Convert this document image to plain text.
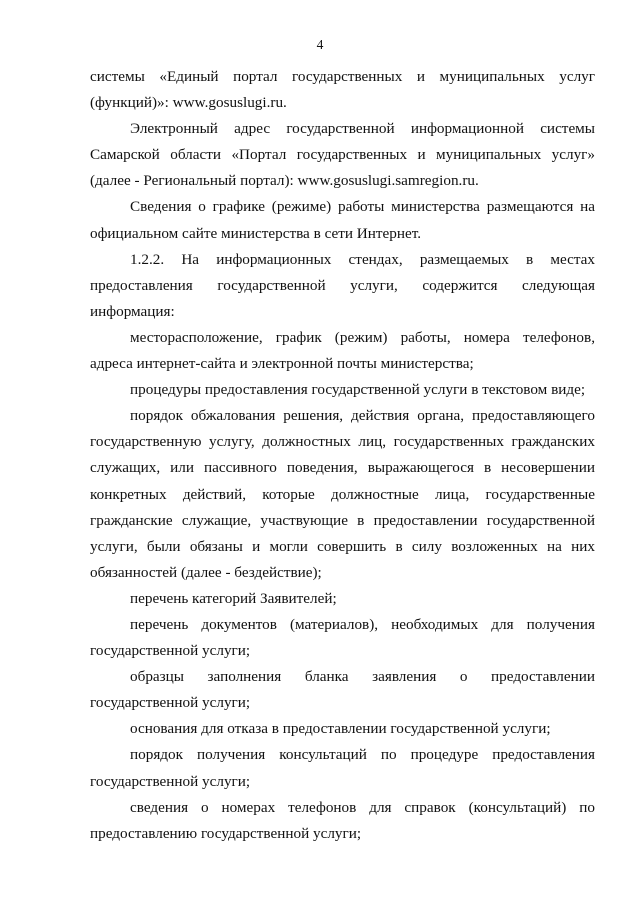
4

системы «Единый портал государственных и муниципальных услуг (функций)»: www.gosuslugi.ru.

Электронный адрес государственной информационной системы Самарской области «Портал государственных и муниципальных услуг» (далее - Региональный портал): www.gosuslugi.samregion.ru.

Сведения о графике (режиме) работы министерства размещаются на официальном сайте министерства в сети Интернет.

1.2.2. На информационных стендах, размещаемых в местах предоставления государственной услуги, содержится следующая информация:

месторасположение, график (режим) работы, номера телефонов, адреса интернет-сайта и электронной почты министерства;

процедуры предоставления государственной услуги в текстовом виде;

порядок обжалования решения, действия органа, предоставляющего государственную услугу, должностных лиц, государственных гражданских служащих, или пассивного поведения, выражающегося в несовершении конкретных действий, которые должностные лица, государственные гражданские служащие, участвующие в предоставлении государственной услуги, были обязаны и могли совершить в силу возложенных на них обязанностей (далее - бездействие);

перечень категорий Заявителей;

перечень документов (материалов), необходимых для получения государственной услуги;

образцы заполнения бланка заявления о предоставлении государственной услуги;

основания для отказа в предоставлении государственной услуги;

порядок получения консультаций по процедуре предоставления государственной услуги;

сведения о номерах телефонов для справок (консультаций) по предоставлению государственной услуги;
